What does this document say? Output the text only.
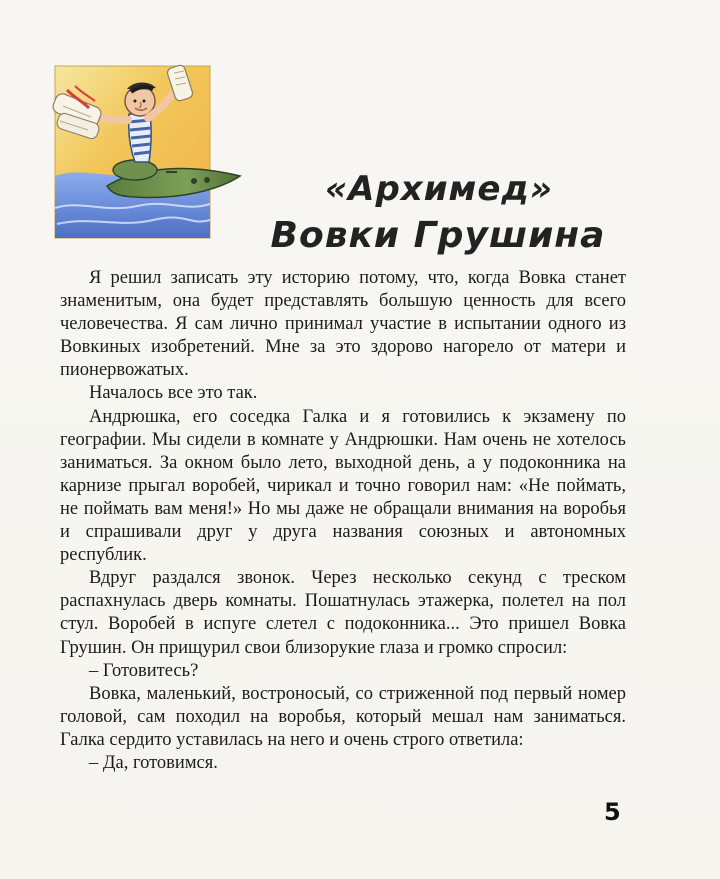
«Архимед»
Вовки Грушина

Я решил записать эту историю потому, что, когда Вовка станет знаменитым, она будет представлять большую ценность для всего человечества. Я сам лично принимал участие в испытании одного из Вовкиных изобретений. Мне за это здорово нагорело от матери и пионервожатых.

Началось все это так.

Андрюшка, его соседка Галка и я готовились к экзамену по географии. Мы сидели в комнате у Андрюшки. Нам очень не хотелось заниматься. За окном было лето, выходной день, а у подоконника на карнизе прыгал воробей, чирикал и точно говорил нам: «Не поймать, не поймать вам меня!» Но мы даже не обращали внимания на воробья и спрашивали друг у друга названия союзных и автономных республик.

Вдруг раздался звонок. Через несколько секунд с треском распахнулась дверь комнаты. Пошатнулась этажерка, полетел на пол стул. Воробей в испуге слетел с подоконника... Это пришел Вовка Грушин. Он прищурил свои близорукие глаза и громко спросил:

– Готовитесь?

Вовка, маленький, востроносый, со стриженной под первый номер головой, сам походил на воробья, который мешал нам заниматься. Галка сердито уставилась на него и очень строго ответила:

– Да, готовимся.

5
